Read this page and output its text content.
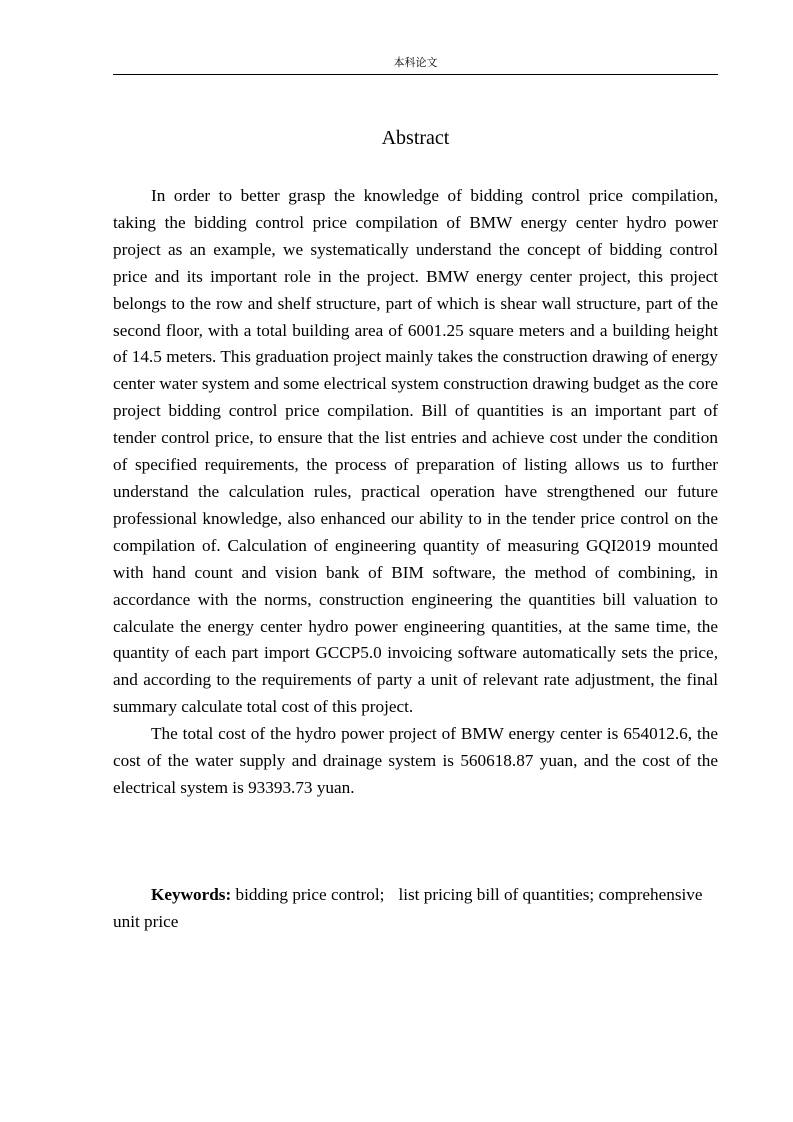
本科论文
Abstract

In order to better grasp the knowledge of bidding control price compilation, taking the bidding control price compilation of BMW energy center hydro power project as an example, we systematically understand the concept of bidding control price and its important role in the project. BMW energy center project, this project belongs to the row and shelf structure, part of which is shear wall structure, part of the second floor, with a total building area of 6001.25 square meters and a building height of 14.5 meters. This graduation project mainly takes the construction drawing of energy center water system and some electrical system construction drawing budget as the core project bidding control price compilation. Bill of quantities is an important part of tender control price, to ensure that the list entries and achieve cost under the condition of specified requirements, the process of preparation of listing allows us to further understand the calculation rules, practical operation have strengthened our future professional knowledge, also enhanced our ability to in the tender price control on the compilation of. Calculation of engineering quantity of measuring GQI2019 mounted with hand count and vision bank of BIM software, the method of combining, in accordance with the norms, construction engineering the quantities bill valuation to calculate the energy center hydro power engineering quantities, at the same time, the quantity of each part import GCCP5.0 invoicing software automatically sets the price, and according to the requirements of party a unit of relevant rate adjustment, the final summary calculate total cost of this project.

The total cost of the hydro power project of BMW energy center is 654012.6, the cost of the water supply and drainage system is 560618.87 yuan, and the cost of the electrical system is 93393.73 yuan.

Keywords: bidding price control; list pricing bill of quantities; comprehensive unit price
